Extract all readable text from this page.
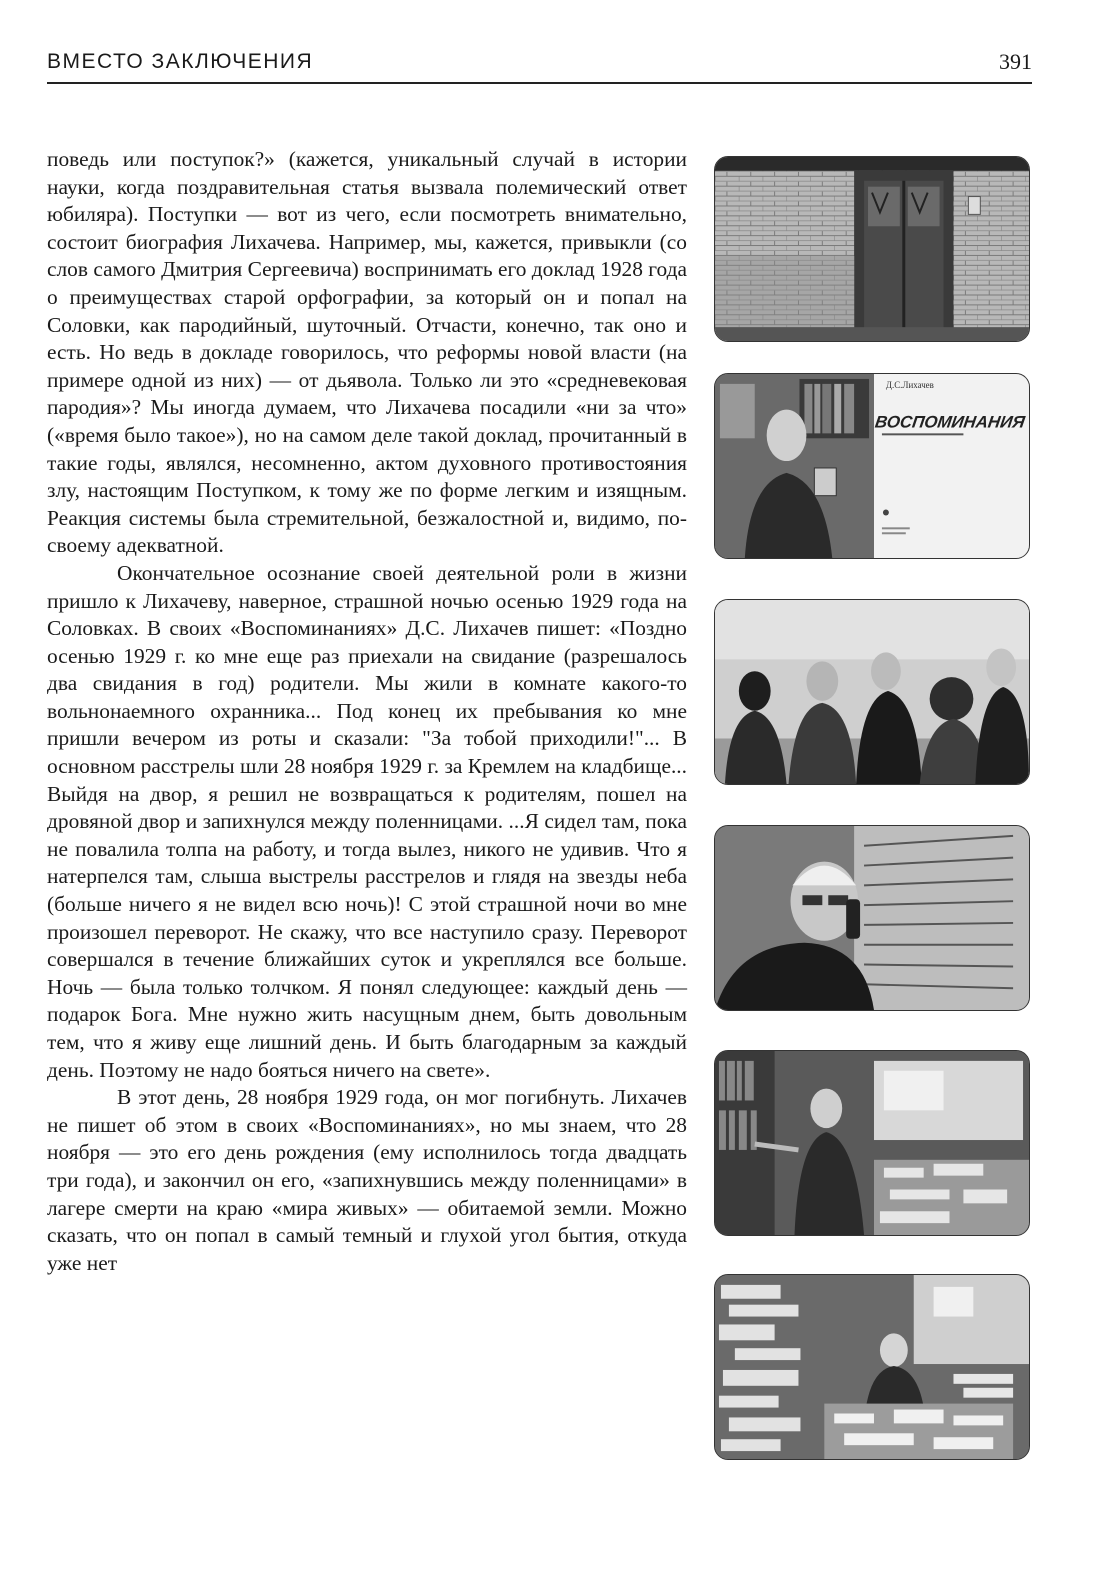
ВМЕСТО ЗАКЛЮЧЕНИЯ	391

поведь или поступок?» (кажется, уникальный случай в истории науки, когда поздравительная статья вызвала полемический ответ юбиляра). Поступки — вот из чего, если посмотреть внимательно, состоит биография Лихачева. Например, мы, кажется, привыкли (со слов самого Дмитрия Сергеевича) воспринимать его доклад 1928 года о преимуществах старой орфографии, за который он и попал на Соловки, как пародийный, шуточный. Отчасти, конечно, так оно и есть. Но ведь в докладе говорилось, что реформы новой власти (на примере одной из них) — от дьявола. Только ли это «средневековая пародия»? Мы иногда думаем, что Лихачева посадили «ни за что» («время было такое»), но на самом деле такой доклад, прочитанный в такие годы, являлся, несомненно, актом духовного противостояния злу, настоящим Поступком, к тому же по форме легким и изящным. Реакция системы была стремительной, безжалостной и, видимо, по-своему адекватной.

Окончательное осознание своей деятельной роли в жизни пришло к Лихачеву, наверное, страшной ночью осенью 1929 года на Соловках. В своих «Воспоминаниях» Д.С. Лихачев пишет: «Поздно осенью 1929 г. ко мне еще раз приехали на свидание (разрешалось два свидания в год) родители. Мы жили в комнате какого-то вольнонаемного охранника... Под конец их пребывания ко мне пришли вечером из роты и сказали: "За тобой приходили!"... В основном расстрелы шли 28 ноября 1929 г. за Кремлем на кладбище... Выйдя на двор, я решил не возвращаться к родителям, пошел на дровяной двор и запихнулся между поленницами. ...Я сидел там, пока не повалила толпа на работу, и тогда вылез, никого не удивив. Что я натерпелся там, слыша выстрелы расстрелов и глядя на звезды неба (больше ничего я не видел всю ночь)! С этой страшной ночи во мне произошел переворот. Не скажу, что все наступило сразу. Переворот совершался в течение ближайших суток и укреплялся все больше. Ночь — была только толчком. Я понял следующее: каждый день — подарок Бога. Мне нужно жить насущным днем, быть довольным тем, что я живу еще лишний день. И быть благодарным за каждый день. Поэтому не надо бояться ничего на свете».

В этот день, 28 ноября 1929 года, он мог погибнуть. Лихачев не пишет об этом в своих «Воспоминаниях», но мы знаем, что 28 ноября — это его день рождения (ему исполнилось тогда двадцать три года), и закончил он его, «запихнувшись между поленницами» в лагере смерти на краю «мира живых» — обитаемой земли. Можно сказать, что он попал в самый темный и глухой угол бытия, откуда уже нет

Д.С.Лихачев
ВОСПОМИНАНИЯ
